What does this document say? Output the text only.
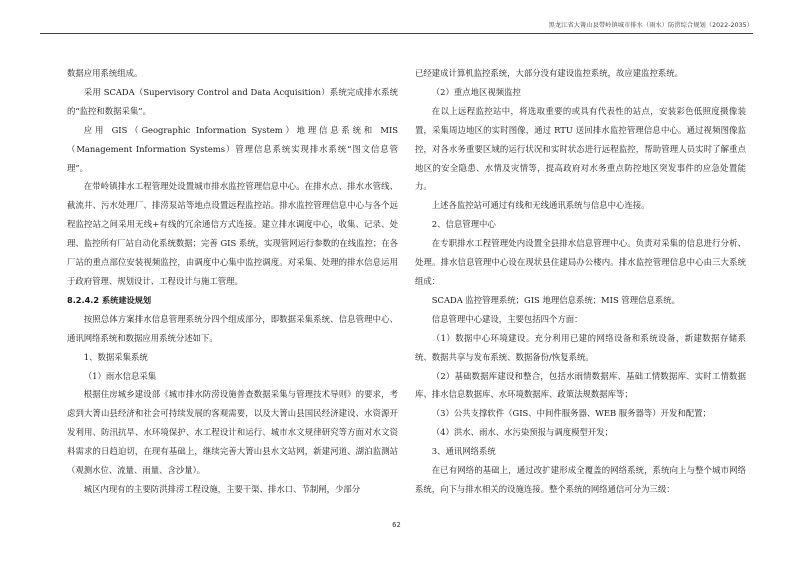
黑龙江省大箐山县带岭镇城市排水（雨水）防涝综合规划（2022-2035）

数据应用系统组成。

采用 SCADA（Supervisory Control and Data Acquisition）系统完成排水系统的“监控和数据采集”。

应用 GIS（Geographic Information System）地理信息系统和 MIS（Management Information Systems）管理信息系统实现排水系统“图文信息管理”。

在带岭镇排水工程管理处设置城市排水监控管理信息中心。在排水点、排水水管线、截流井、污水处理厂、排涝泵站等地点设置远程监控站。排水监控管理信息中心与各个远程监控站之间采用无线+有线的冗余通信方式连接。建立排水调度中心，收集、记录、处理、监控所有厂站自动化系统数据；完善 GIS 系统，实现管网运行参数的在线监控；在各厂站的重点部位安装视频监控，由调度中心集中监控调度。对采集、处理的排水信息运用于政府管理、规划设计、工程设计与施工管理。

8.2.4.2 系统建设规划

按照总体方案排水信息管理系统分四个组成部分，即数据采集系统、信息管理中心、通讯网络系统和数据应用系统分述如下。

1、数据采集系统

（1）雨水信息采集

根据住房城乡建设部《城市排水防涝设施普查数据采集与管理技术导则》的要求，考虑到大箐山县经济和社会可持续发展的客观需要，以及大箐山县国民经济建设、水资源开发利用、防汛抗旱、水环境保护、水工程设计和运行、城市水文规律研究等方面对水文资料需求的日趋迫切，在现有基础上，继续完善大箐山县水文站网，新建河道、湖泊监测站（观测水位、流量、雨量、含沙量）。

城区内现有的主要防洪排涝工程设施，主要干渠、排水口、节制闸，少部分

已经建成计算机监控系统，大部分没有建设监控系统，故应建监控系统。

（2）重点地区视频监控

在以上远程监控站中，将选取重要的或具有代表性的站点，安装彩色低照度摄像装置，采集周边地区的实时图像，通过 RTU 送回排水监控管理信息中心。通过视频图像监控，对各水务重要区域的运行状况和实时状态进行远程监控，帮助管理人员实时了解重点地区的安全隐患、水情及灾情等，提高政府对水务重点防控地区突发事件的应急处置能力。

上述各监控站可通过有线和无线通讯系统与信息中心连接。

2、信息管理中心

在专职排水工程管理处内设置全县排水信息管理中心。负责对采集的信息进行分析、处理。排水信息管理中心设在现状县住建局办公楼内。排水监控管理信息中心由三大系统组成：

SCADA 监控管理系统；GIS 地理信息系统；MIS 管理信息系统。

信息管理中心建设，主要包括四个方面：

（1）数据中心环境建设。充分利用已建的网络设备和系统设备，新建数据存储系统、数据共享与发布系统、数据备份/恢复系统。

（2）基础数据库建设和整合，包括水雨情数据库、基础工情数据库、实时工情数据库、排水信息数据库、水环境数据库、政策法规数据库等；

（3）公共支撑软件（GIS、中间件服务器、WEB 服务器等）开发和配置；

（4）洪水、雨水、水污染预报与调度模型开发；

3、通讯网络系统

在已有网络的基础上，通过改扩建形成全覆盖的网络系统，系统向上与整个城市网络系统，向下与排水相关的设施连接。整个系统的网络通信可分为三级：

62
